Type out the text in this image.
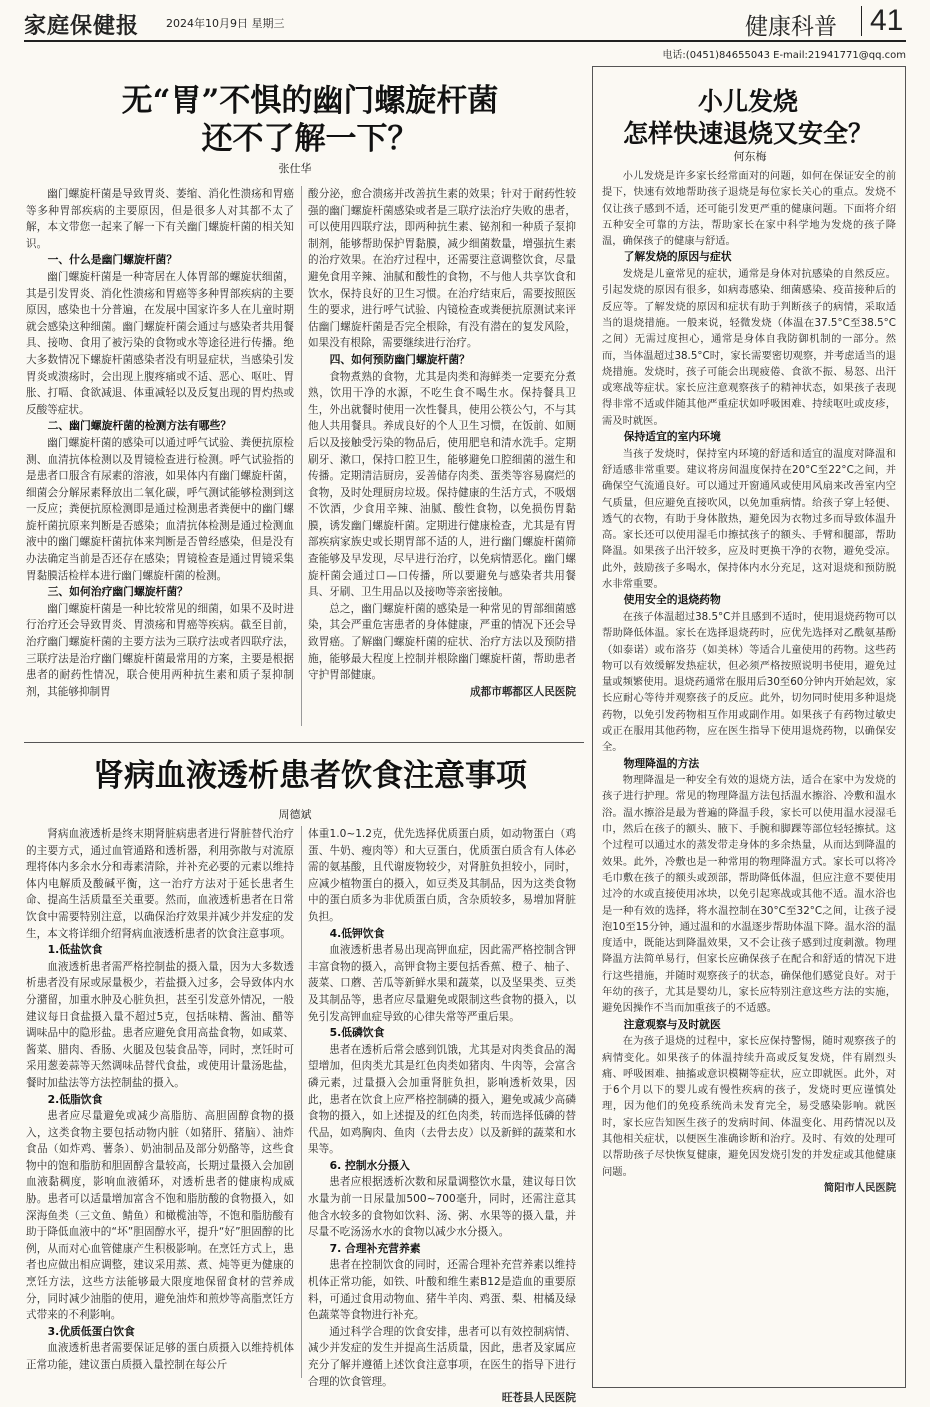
家庭保健报 2024年10月9日 星期三	健康科普 41
电话:(0451)84655043 E-mail:21941771@qq.com
无“胃”不惧的幽门螺旋杆菌
还不了解一下？
张仕华

幽门螺旋杆菌是导致胃炎、萎缩、消化性溃疡和胃癌等多种胃部疾病的主要原因，但是很多人对其都不太了解，本文带您一起来了解一下有关幽门螺旋杆菌的相关知识。

一、什么是幽门螺旋杆菌？

幽门螺旋杆菌是一种寄居在人体胃部的螺旋状细菌，其是引发胃炎、消化性溃疡和胃癌等多种胃部疾病的主要原因，感染也十分普遍，在发展中国家许多人在儿童时期就会感染这种细菌。幽门螺旋杆菌会通过与感染者共用餐具、接吻、食用了被污染的食物或水等途径进行传播。绝大多数情况下螺旋杆菌感染者没有明显症状，当感染引发胃炎或溃疡时，会出现上腹疼痛或不适、恶心、呕吐、胃胀、打嗝、食欲减退、体重减轻以及反复出现的胃灼热或反酸等症状。

二、幽门螺旋杆菌的检测方法有哪些？

幽门螺旋杆菌的感染可以通过呼气试验、粪便抗原检测、血清抗体检测以及胃镜检查进行检测。呼气试验指的是患者口服含有尿素的溶液，如果体内有幽门螺旋杆菌，细菌会分解尿素释放出二氧化碳，呼气测试能够检测到这一反应；粪便抗原检测即是通过检测患者粪便中的幽门螺旋杆菌抗原来判断是否感染；血清抗体检测是通过检测血液中的幽门螺旋杆菌抗体来判断是否曾经感染，但是没有办法确定当前是否还存在感染；胃镜检查是通过胃镜采集胃黏膜活检样本进行幽门螺旋杆菌的检测。

三、如何治疗幽门螺旋杆菌？

幽门螺旋杆菌是一种比较常见的细菌，如果不及时进行治疗还会导致胃炎、胃溃疡和胃癌等疾病。截至目前，治疗幽门螺旋杆菌的主要方法为三联疗法或者四联疗法，三联疗法是治疗幽门螺旋杆菌最常用的方案，主要是根据患者的耐药性情况，联合使用两种抗生素和质子泵抑制剂，其能够抑制胃

酸分泌，愈合溃疡并改善抗生素的效果；针对于耐药性较强的幽门螺旋杆菌感染或者是三联疗法治疗失败的患者，可以使用四联疗法，即两种抗生素、铋剂和一种质子泵抑制剂，能够帮助保护胃黏膜，减少细菌数量，增强抗生素的治疗效果。在治疗过程中，还需要注意调整饮食，尽量避免食用辛辣、油腻和酸性的食物，不与他人共享饮食和饮水，保持良好的卫生习惯。在治疗结束后，需要按照医生的要求，进行呼气试验、内镜检查或粪便抗原测试来评估幽门螺旋杆菌是否完全根除，有没有潜在的复发风险，如果没有根除，需要继续进行治疗。

四、如何预防幽门螺旋杆菌？

食物煮熟的食物，尤其是肉类和海鲜类一定要充分煮熟，饮用干净的水源，不吃生食不喝生水。保持餐具卫生，外出就餐时使用一次性餐具，使用公筷公勺，不与其他人共用餐具。养成良好的个人卫生习惯，在饭前、如厕后以及接触受污染的物品后，使用肥皂和清水洗手。定期刷牙、漱口，保持口腔卫生，能够避免口腔细菌的滋生和传播。定期清洁厨房，妥善储存肉类、蛋类等容易腐烂的食物，及时处理厨房垃圾。保持健康的生活方式，不吸烟不饮酒，少食用辛辣、油腻、酸性食物，以免损伤胃黏膜，诱发幽门螺旋杆菌。定期进行健康检查，尤其是有胃部疾病家族史或长期胃部不适的人，进行幽门螺旋杆菌筛查能够及早发现，尽早进行治疗，以免病情恶化。幽门螺旋杆菌会通过口—口传播，所以要避免与感染者共用餐具、牙刷、卫生用品以及接吻等亲密接触。

总之，幽门螺旋杆菌的感染是一种常见的胃部细菌感染，其会严重危害患者的身体健康，严重的情况下还会导致胃癌。了解幽门螺旋杆菌的症状、治疗方法以及预防措施，能够最大程度上控制并根除幽门螺旋杆菌，帮助患者守护胃部健康。

成都市郫都区人民医院

肾病血液透析患者饮食注意事项
周德斌

肾病血液透析是终末期肾脏病患者进行肾脏替代治疗的主要方式，通过血管通路和透析器，利用弥散与对流原理将体内多余水分和毒素清除，并补充必要的元素以维持体内电解质及酸碱平衡，这一治疗方法对于延长患者生命、提高生活质量至关重要。然而，血液透析患者在日常饮食中需要特别注意，以确保治疗效果并减少并发症的发生，本文将详细介绍肾病血液透析患者的饮食注意事项。

1.低盐饮食

血液透析患者需严格控制盐的摄入量，因为大多数透析患者没有尿或尿量极少，若盐摄入过多，会导致体内水分潴留，加重水肿及心脏负担，甚至引发意外情况，一般建议每日食盐摄入量不超过5克，包括味精、酱油、醋等调味品中的隐形盐。患者应避免食用高盐食物，如咸菜、酱菜、腊肉、香肠、火腿及包装食品等，同时，烹饪时可采用葱姜蒜等天然调味品替代食盐，或使用计量汤匙盐，餐时加盐法等方法控制盐的摄入。

2.低脂饮食

患者应尽量避免或减少高脂肪、高胆固醇食物的摄入，这类食物主要包括动物内脏（如猪肝、猪脑）、油炸食品（如炸鸡、薯条）、奶油制品及部分奶酪等，这些食物中的饱和脂肪和胆固醇含量较高，长期过量摄入会加剧血液黏稠度，影响血液循环，对透析患者的健康构成威胁。患者可以适量增加富含不饱和脂肪酸的食物摄入，如深海鱼类（三文鱼、鲭鱼）和橄榄油等，不饱和脂肪酸有助于降低血液中的“坏”胆固醇水平，提升“好”胆固醇的比例，从而对心血管健康产生积极影响。在烹饪方式上，患者也应做出相应调整，建议采用蒸、煮、炖等更为健康的烹饪方法，这些方法能够最大限度地保留食材的营养成分，同时减少油脂的使用，避免油炸和煎炒等高脂烹饪方式带来的不利影响。

3.优质低蛋白饮食

血液透析患者需要保证足够的蛋白质摄入以维持机体正常功能，建议蛋白质摄入量控制在每公斤

体重1.0~1.2克，优先选择优质蛋白质，如动物蛋白（鸡蛋、牛奶、瘦肉等）和大豆蛋白，优质蛋白质含有人体必需的氨基酸，且代谢废物较少，对肾脏负担较小，同时，应减少植物蛋白的摄入，如豆类及其制品，因为这类食物中的蛋白质多为非优质蛋白质，含杂质较多，易增加肾脏负担。

4.低钾饮食

血液透析患者易出现高钾血症，因此需严格控制含钾丰富食物的摄入，高钾食物主要包括香蕉、橙子、柚子、菠菜、口蘑、苦瓜等新鲜水果和蔬菜，以及坚果类、豆类及其制品等，患者应尽量避免或限制这些食物的摄入，以免引发高钾血症导致的心律失常等严重后果。

5.低磷饮食

患者在透析后常会感到饥饿，尤其是对肉类食品的渴望增加，但肉类尤其是红色肉类如猪肉、牛肉等，会富含磷元素，过量摄入会加重肾脏负担，影响透析效果，因此，患者在饮食上应严格控制磷的摄入，避免或减少高磷食物的摄入，如上述提及的红色肉类，转而选择低磷的替代品，如鸡胸肉、鱼肉（去骨去皮）以及新鲜的蔬菜和水果等。

6. 控制水分摄入

患者应根据透析次数和尿量调整饮水量，建议每日饮水量为前一日尿量加500~700毫升，同时，还需注意其他含水较多的食物如饮料、汤、粥、水果等的摄入量，并尽量不吃汤汤水水的食物以减少水分摄入。

7. 合理补充营养素

患者在控制饮食的同时，还需合理补充营养素以维持机体正常功能，如铁、叶酸和维生素B12是造血的重要原料，可通过食用动物血、猪牛羊肉、鸡蛋、梨、柑橘及绿色蔬菜等食物进行补充。

通过科学合理的饮食安排，患者可以有效控制病情、减少并发症的发生并提高生活质量，因此，患者及家属应充分了解并遵循上述饮食注意事项，在医生的指导下进行合理的饮食管理。

旺苍县人民医院

小儿发烧
怎样快速退烧又安全？
何东梅

小儿发烧是许多家长经常面对的问题，如何在保证安全的前提下，快速有效地帮助孩子退烧是每位家长关心的重点。发烧不仅让孩子感到不适，还可能引发更严重的健康问题。下面将介绍五种安全可靠的方法，帮助家长在家中科学地为发烧的孩子降温，确保孩子的健康与舒适。

了解发烧的原因与症状

发烧是儿童常见的症状，通常是身体对抗感染的自然反应。引起发烧的原因有很多，如病毒感染、细菌感染、疫苗接种后的反应等。了解发烧的原因和症状有助于判断孩子的病情，采取适当的退烧措施。一般来说，轻微发烧（体温在37.5°C至38.5°C之间）无需过度担心，通常是身体自我防御机制的一部分。然而，当体温超过38.5°C时，家长需要密切观察，并考虑适当的退烧措施。发烧时，孩子可能会出现疲倦、食欲不振、易怒、出汗或寒战等症状。家长应注意观察孩子的精神状态，如果孩子表现得非常不适或伴随其他严重症状如呼吸困难、持续呕吐或皮疹，需及时就医。

保持适宜的室内环境

当孩子发烧时，保持室内环境的舒适和适宜的温度对降温和舒适感非常重要。建议将房间温度保持在20°C至22°C之间，并确保空气流通良好。可以通过开窗通风或使用风扇来改善室内空气质量，但应避免直接吹风，以免加重病情。给孩子穿上轻便、透气的衣物，有助于身体散热，避免因为衣物过多而导致体温升高。家长还可以使用湿毛巾擦拭孩子的额头、手臂和腿部，帮助降温。如果孩子出汗较多，应及时更换干净的衣物，避免受凉。此外，鼓励孩子多喝水，保持体内水分充足，这对退烧和预防脱水非常重要。

使用安全的退烧药物

在孩子体温超过38.5°C并且感到不适时，使用退烧药物可以帮助降低体温。家长在选择退烧药时，应优先选择对乙酰氨基酚（如泰诺）或布洛芬（如美林）等适合儿童使用的药物。这些药物可以有效缓解发热症状，但必须严格按照说明书使用，避免过量或频繁使用。退烧药通常在服用后30至60分钟内开始起效，家长应耐心等待并观察孩子的反应。此外，切勿同时使用多种退烧药物，以免引发药物相互作用或副作用。如果孩子有药物过敏史或正在服用其他药物，应在医生指导下使用退烧药物，以确保安全。

物理降温的方法

物理降温是一种安全有效的退烧方法，适合在家中为发烧的孩子进行护理。常见的物理降温方法包括温水擦浴、冷敷和温水浴。温水擦浴是最为普遍的降温手段，家长可以使用温水浸湿毛巾，然后在孩子的额头、腋下、手腕和脚踝等部位轻轻擦拭。这个过程可以通过水的蒸发带走身体的多余热量，从而达到降温的效果。此外，冷敷也是一种常用的物理降温方式。家长可以将冷毛巾敷在孩子的额头或颈部，帮助降低体温，但应注意不要使用过冷的水或直接使用冰块，以免引起寒战或其他不适。温水浴也是一种有效的选择，将水温控制在30°C至32°C之间，让孩子浸泡10至15分钟，通过温和的水温逐步帮助体温下降。温水浴的温度适中，既能达到降温效果，又不会让孩子感到过度刺激。物理降温方法简单易行，但家长应确保孩子在配合和舒适的情况下进行这些措施，并随时观察孩子的状态，确保他们感觉良好。对于年幼的孩子，尤其是婴幼儿，家长应特别注意这些方法的实施，避免因操作不当而加重孩子的不适感。

注意观察与及时就医

在为孩子退烧的过程中，家长应保持警惕，随时观察孩子的病情变化。如果孩子的体温持续升高或反复发烧，伴有剧烈头痛、呼吸困难、抽搐或意识模糊等症状，应立即就医。此外，对于6个月以下的婴儿或有慢性疾病的孩子，发烧时更应谨慎处理，因为他们的免疫系统尚未发育完全，易受感染影响。就医时，家长应告知医生孩子的发病时间、体温变化、用药情况以及其他相关症状，以便医生准确诊断和治疗。及时、有效的处理可以帮助孩子尽快恢复健康，避免因发烧引发的并发症或其他健康问题。

简阳市人民医院
